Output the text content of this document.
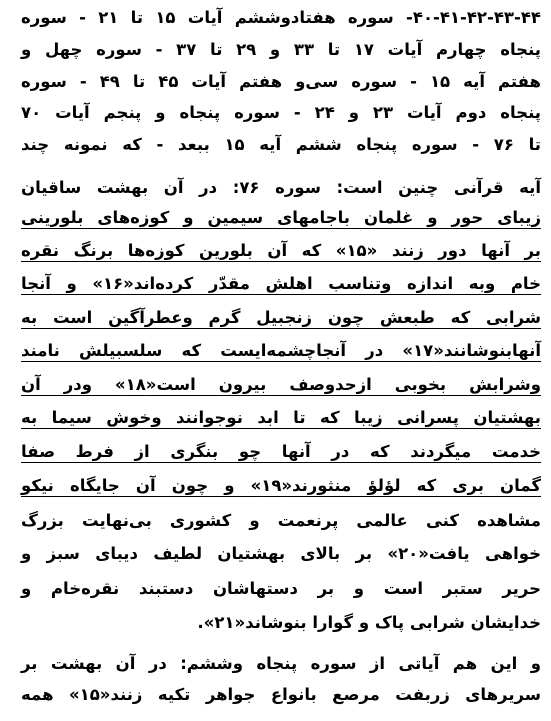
۴۰-۴۱-۴۲-۴۳-۴۴- سوره هفتادوششم آیات ۱۵ تا ۲۱ - سوره
پنجاه چهارم آیات ۱۷ تا ۳۳ و ۲۹ تا ۳۷ - سوره چهل و
هفتم آیه ۱۵ - سوره سی‌و هفتم آیات ۴۵ تا ۴۹ - سوره
پنجاه دوم آیات ۲۳ و ۲۴ - سوره پنجاه و پنجم آیات ۷۰
تا ۷۶ - سوره پنجاه ششم آیه ۱۵ ببعد - که نمونه چند
آیه قرآنی چنین است: سوره ۷۶: در آن بهشت ساقیان
زیبای حور و غلمان باجامهای سیمین و کوزه‌های بلورینی
بر آنها دور زنند «۱۵» که آن بلورین کوزه‌ها برنگ نقره
خام وبه اندازه وتناسب اهلش مقدّر کرده‌اند«۱۶» و آنجا
شرابی که طبعش چون زنجبیل گرم وعطرآگین است به
آنهابنوشانند«۱۷» در آنجاچشمه‌ایست که سلسبیلش نامند
وشرابش بخوبی ازحدوصف بیرون است«۱۸» ودر آن
بهشتیان پسرانی زیبا که تا ابد نوجوانند وخوش سیما به
خدمت میگردند که در آنها چو بنگری از فرط صفا
گمان بری که لؤلؤ منثورند«۱۹» و چون آن جایگاه نیکو
مشاهده کنی عالمی پرنعمت و کشوری بی‌نهایت بزرگ
خواهی یافت«۲۰» بر بالای بهشتیان لطیف دیبای سبز و
حریر ستبر است و بر دستهاشان دستبند نقره‌خام و
خدایشان شرابی پاک و گوارا بنوشاند«۲۱».
و این هم آیاتی از سوره پنجاه وششم: در آن بهشت بر
سریرهای زربفت مرصع بانواع جواهر تکیه زنند«۱۵» همه
